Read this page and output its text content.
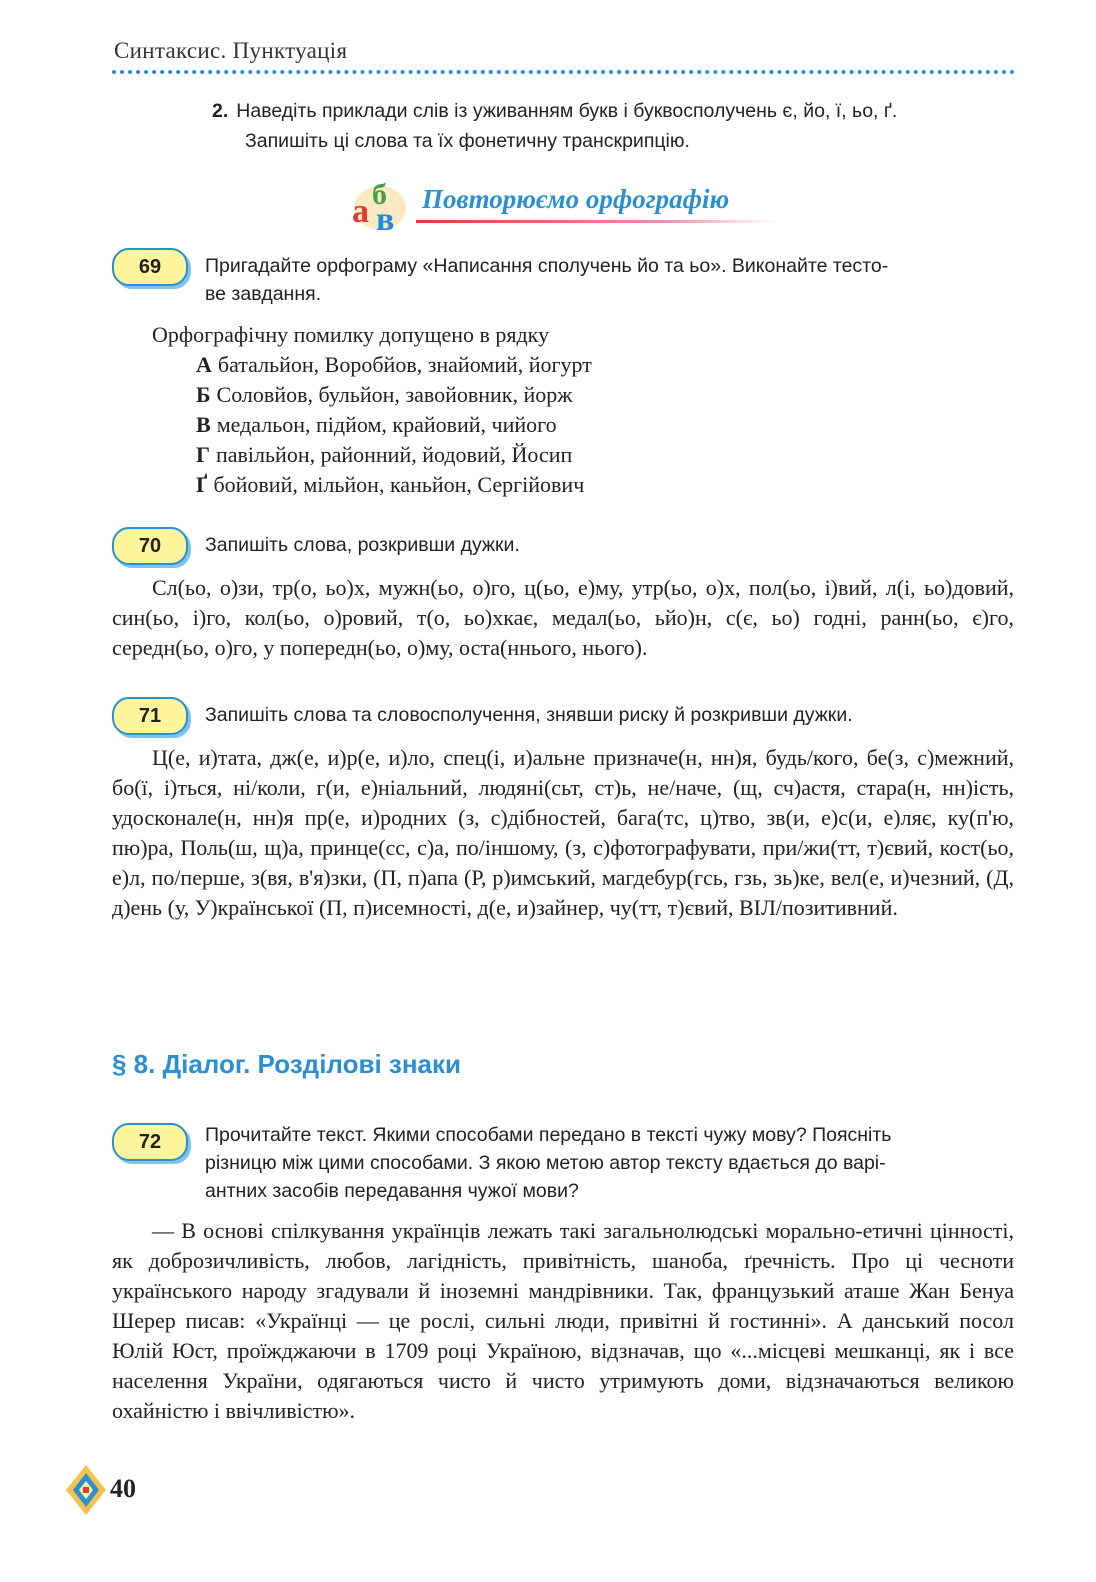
Синтаксис. Пунктуація
2. Наведіть приклади слів із уживанням букв і буквосполучень є, йо, ї, ьо, ґ.
Запишіть ці слова та їх фонетичну транскрипцію.
а б
в
Повторюємо орфографію
69	Пригадайте орфограму «Написання сполучень йо та ьо». Виконайте тесто-
ве завдання.
Орфографічну помилку допущено в рядку
А батальйон, Воробйов, знайомий, йогурт
Б Соловйов, бульйон, завойовник, йорж
В медальон, підйом, крайовий, чийого
Г павільйон, районний, йодовий, Йосип
Ґ бойовий, мільйон, каньйон, Сергійович
70	Запишіть слова, розкривши дужки.
Сл(ьо, о)зи, тр(о, ьо)х, мужн(ьо, о)го, ц(ьо, е)му, утр(ьо, о)х, пол(ьо, і)вий, л(і, ьо)довий, син(ьо, і)го, кол(ьо, о)ровий, т(о, ьо)хкає, медал(ьо, ьйо)н, с(є, ьо) годні, ранн(ьо, є)го, середн(ьо, о)го, у попередн(ьо, о)му, оста(ннього, нього).
71	Запишіть слова та словосполучення, знявши риску й розкривши дужки.
Ц(е, и)тата, дж(е, и)р(е, и)ло, спец(і, и)альне призначе(н, нн)я, будь/кого, бе(з, с)межний, бо(ї, і)ться, ні/коли, г(и, е)ніальний, людяні(сьт, ст)ь, не/наче, (щ, сч)астя, стара(н, нн)ість, удосконале(н, нн)я пр(е, и)родних (з, с)дібностей, бага(тс, ц)тво, зв(и, е)с(и, е)ляє, ку(п'ю, пю)ра, Поль(ш, щ)а, принце(сс, с)а, по/іншому, (з, с)фотографувати, при/жи(тт, т)євий, кост(ьо, е)л, по/перше, з(вя, в'я)зки, (П, п)апа (Р, р)имський, магдебур(гсь, гзь, зь)ке, вел(е, и)чезний, (Д, д)ень (у, У)країнської (П, п)исемності, д(е, и)зайнер, чу(тт, т)євий, ВІЛ/позитивний.
§ 8. Діалог. Розділові знаки
72	Прочитайте текст. Якими способами передано в тексті чужу мову? Поясніть
різницю між цими способами. З якою метою автор тексту вдається до варі-
антних засобів передавання чужої мови?
— В основі спілкування українців лежать такі загальнолюдські морально-етичні цінності, як доброзичливість, любов, лагідність, привітність, шанoба, ґречність. Про ці чесноти українського народу згадували й іноземні мандрівники. Так, французький аташе Жан Бенуа Шерер писав: «Українці — це рослі, сильні люди, привітні й гостинні». А данський посол Юлій Юст, проїжджаючи в 1709 році Україною, відзначав, що «...місцеві мешканці, як і все населення України, одягаються чисто й чисто утримують доми, відзначаються великою охайністю і ввічливістю».
40
